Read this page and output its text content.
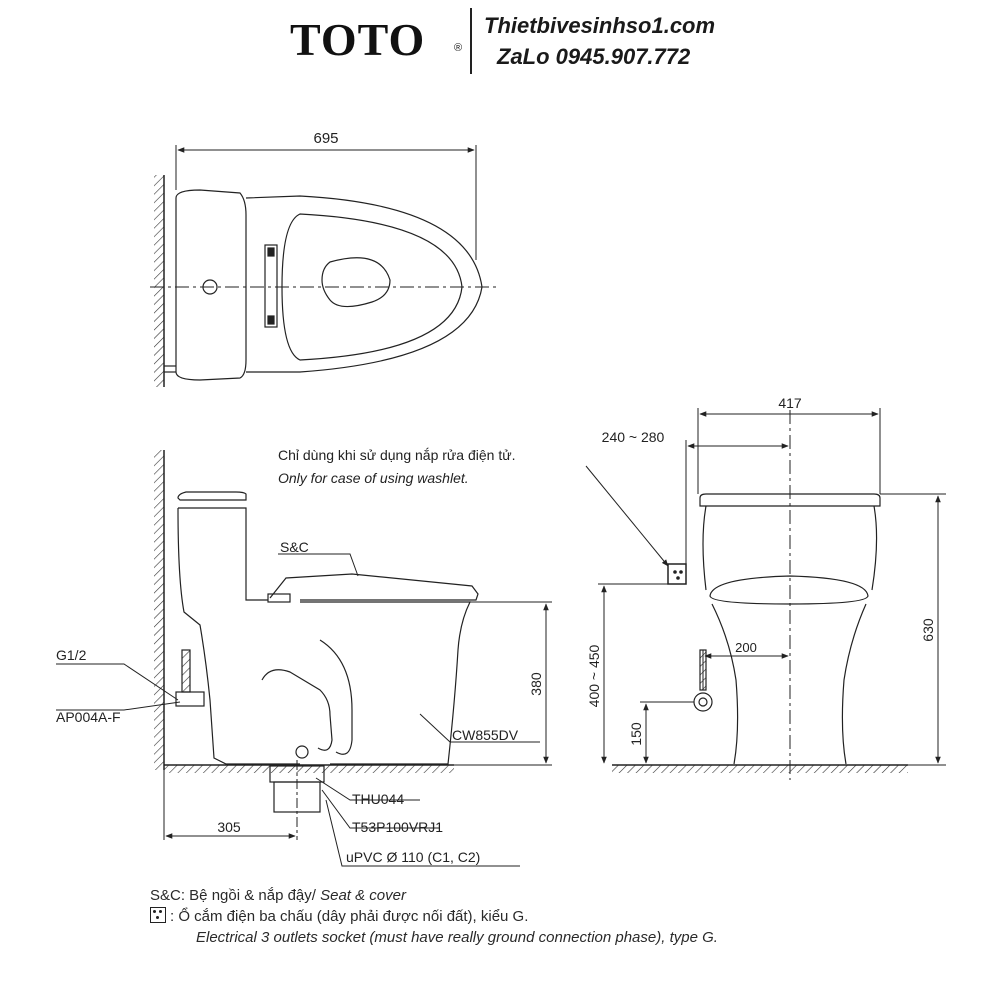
TOTO	®
Thietbivesinhso1.com
ZaLo 0945.907.772
695
S&C
G1/2
AP004A-F
CW855DV
THU044
T53P100VRJ1
uPVC Ø 110 (C1, C2)
305
380
Chỉ dùng khi sử dụng nắp rửa điện tử.
Only for case of using washlet.
417
240 ~ 280
630
400 ~ 450
150
200
S&C: Bệ ngồi & nắp đậy/ Seat & cover
: Ổ cắm điện ba chấu (dây phải được nối đất), kiểu G.
Electrical 3 outlets socket (must have really ground connection phase), type G.
